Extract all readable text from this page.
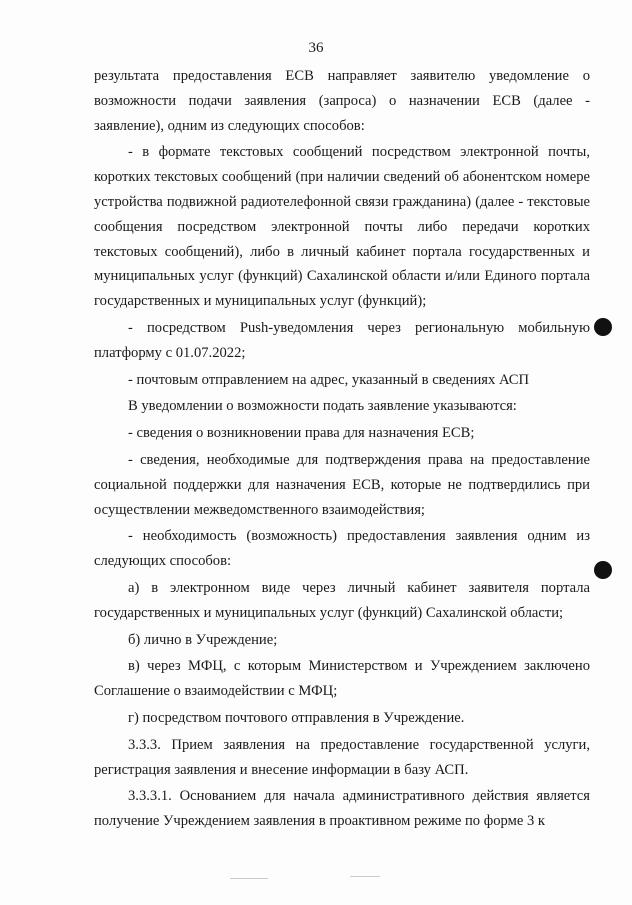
36

результата предоставления ЕСВ направляет заявителю уведомление о возможности подачи заявления (запроса) о назначении ЕСВ (далее - заявление), одним из следующих способов:

- в формате текстовых сообщений посредством электронной почты, коротких текстовых сообщений (при наличии сведений об абонентском номере устройства подвижной радиотелефонной связи гражданина) (далее - текстовые сообщения посредством электронной почты либо передачи коротких текстовых сообщений), либо в личный кабинет портала государственных и муниципальных услуг (функций) Сахалинской области и/или Единого портала государственных и муниципальных услуг (функций);

- посредством Push-уведомления через региональную мобильную платформу с 01.07.2022;

- почтовым отправлением на адрес, указанный в сведениях АСП

В уведомлении о возможности подать заявление указываются:

- сведения о возникновении права для назначения ЕСВ;

- сведения, необходимые для подтверждения права на предоставление социальной поддержки для назначения ЕСВ, которые не подтвердились при осуществлении межведомственного взаимодействия;

- необходимость (возможность) предоставления заявления одним из следующих способов:

а) в электронном виде через личный кабинет заявителя портала государственных и муниципальных услуг (функций) Сахалинской области;

б) лично в Учреждение;

в) через МФЦ, с которым Министерством и Учреждением заключено Соглашение о взаимодействии с МФЦ;

г) посредством почтового отправления в Учреждение.

3.3.3. Прием заявления на предоставление государственной услуги, регистрация заявления и внесение информации в базу АСП.

3.3.3.1. Основанием для начала административного действия является получение Учреждением заявления в проактивном режиме по форме 3 к
